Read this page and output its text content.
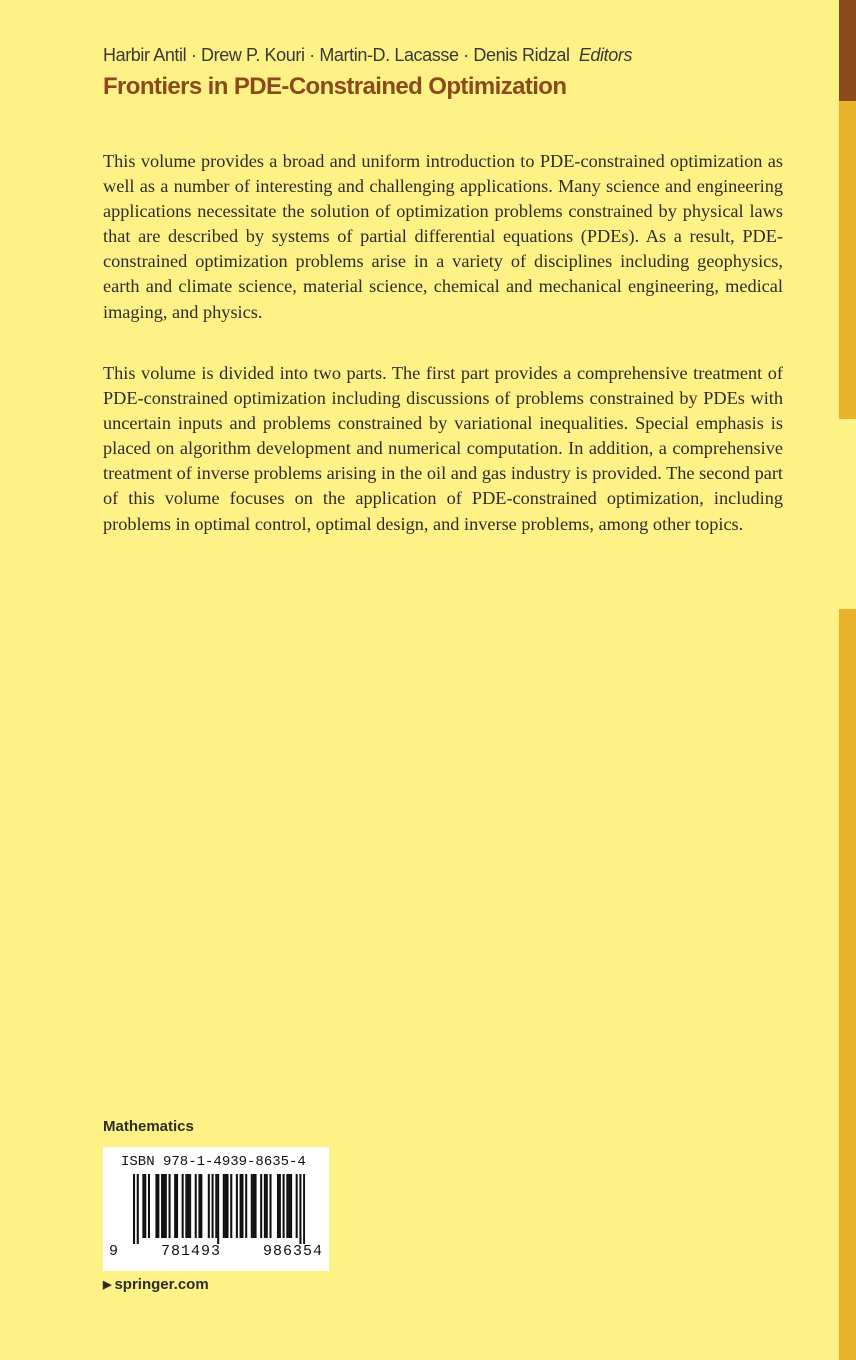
Harbir Antil · Drew P. Kouri · Martin-D. Lacasse · Denis Ridzal Editors
Frontiers in PDE-Constrained Optimization

This volume provides a broad and uniform introduction to PDE-constrained optimization as well as a number of interesting and challenging applications. Many science and engineering applications necessitate the solution of optimization problems constrained by physical laws that are described by systems of partial differential equations (PDEs). As a result, PDE-constrained optimization problems arise in a variety of disciplines including geophysics, earth and climate science, material science, chemical and mechanical engineering, medical imaging, and physics.

This volume is divided into two parts. The first part provides a comprehensive treatment of PDE-constrained optimization including discussions of problems constrained by PDEs with uncertain inputs and problems constrained by variational inequalities. Special emphasis is placed on algorithm development and numerical computation. In addition, a comprehensive treatment of inverse problems arising in the oil and gas industry is provided. The second part of this volume focuses on the application of PDE-constrained optimization, including problems in optimal control, optimal design, and inverse problems, among other topics.

Mathematics
ISBN 978-1-4939-8635-4
9	781493	986354
▶ springer.com
